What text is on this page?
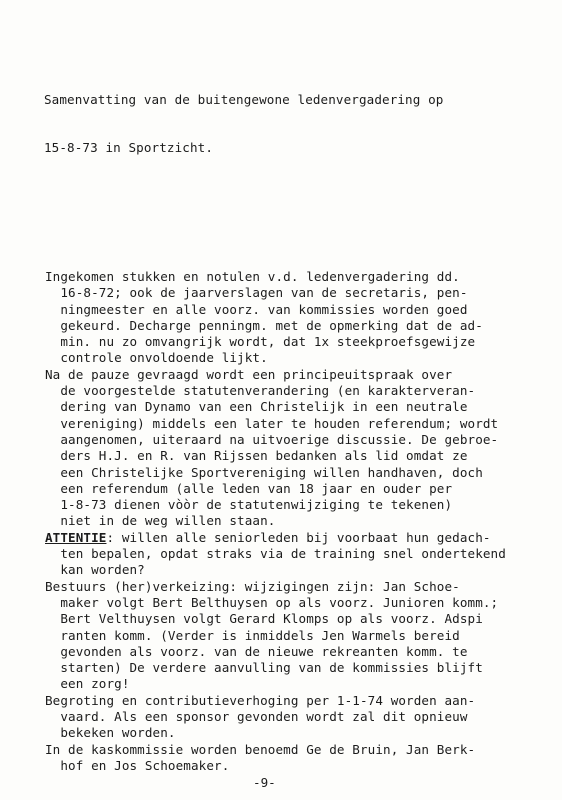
Samenvatting van de buitengewone ledenvergadering op

15-8-73 in Sportzicht.

Ingekomen stukken en notulen v.d. ledenvergadering dd.
16-8-72; ook de jaarverslagen van de secretaris, pen-
ningmeester en alle voorz. van kommissies worden goed
gekeurd. Decharge penningm. met de opmerking dat de ad-
min. nu zo omvangrijk wordt, dat 1x steekproefsgewijze
controle onvoldoende lijkt.
Na de pauze gevraagd wordt een principeuitspraak over
de voorgestelde statutenverandering (en karakterveran-
dering van Dynamo van een Christelijk in een neutrale
vereniging) middels een later te houden referendum; wordt
aangenomen, uiteraard na uitvoerige discussie. De gebroe-
ders H.J. en R. van Rijssen bedanken als lid omdat ze
een Christelijke Sportvereniging willen handhaven, doch
een referendum (alle leden van 18 jaar en ouder per
1-8-73 dienen vòòr de statutenwijziging te tekenen)
niet in de weg willen staan.
ATTENTIE: willen alle seniorleden bij voorbaat hun gedach-
ten bepalen, opdat straks via de training snel ondertekend
kan worden?
Bestuurs (her)verkeizing: wijzigingen zijn: Jan Schoe-
maker volgt Bert Belthuysen op als voorz. Junioren komm.;
Bert Velthuysen volgt Gerard Klomps op als voorz. Adspi
ranten komm. (Verder is inmiddels Jen Warmels bereid
gevonden als voorz. van de nieuwe rekreanten komm. te
starten) De verdere aanvulling van de kommissies blijft
een zorg!
Begroting en contributieverhoging per 1-1-74 worden aan-
vaard. Als een sponsor gevonden wordt zal dit opnieuw
bekeken worden.
In de kaskommissie worden benoemd Ge de Bruin, Jan Berk-
hof en Jos Schoemaker.
-9-
